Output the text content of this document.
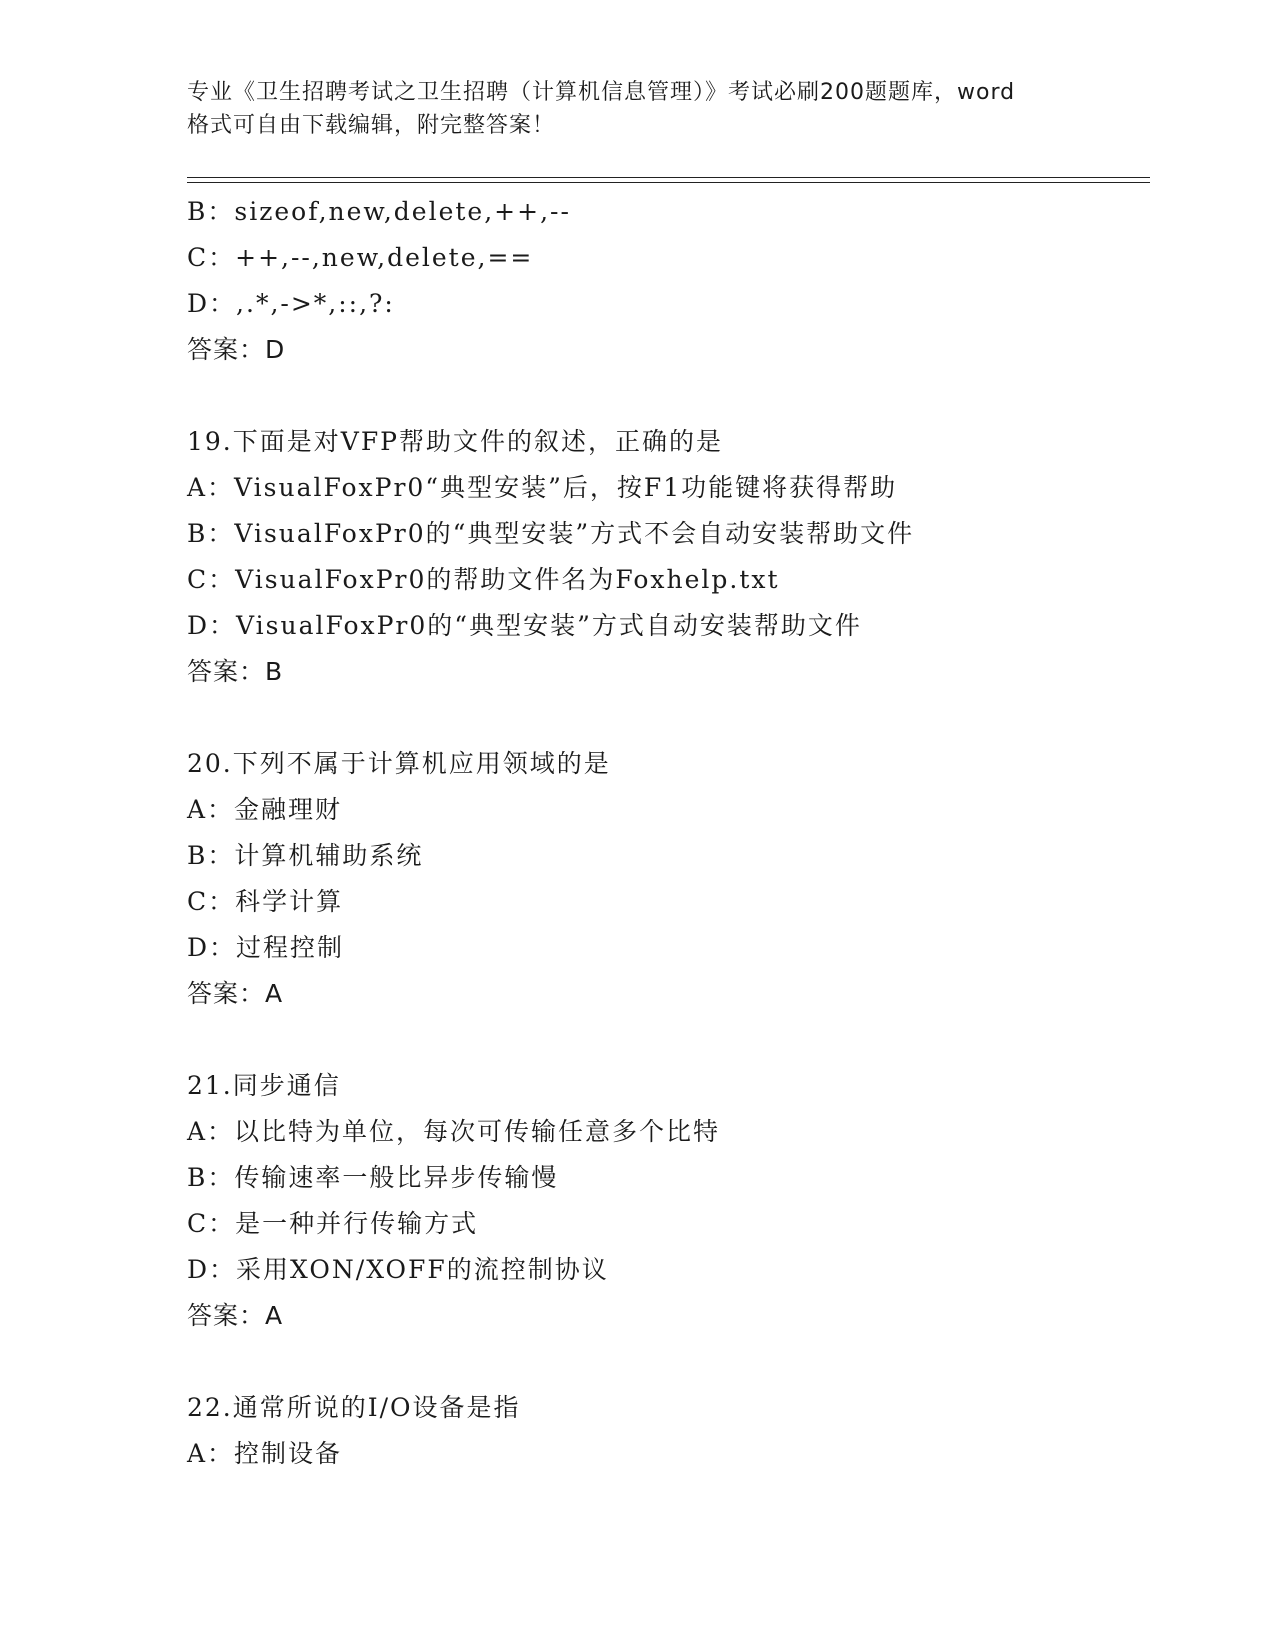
专业《卫生招聘考试之卫生招聘（计算机信息管理）》考试必刷200题题库，word
格式可自由下载编辑，附完整答案！
B：sizeof,new,delete,++,--
C：++,--,new,delete,==
D：,.*,->*,::,?:
答案：D
19.下面是对VFP帮助文件的叙述，正确的是
A：VisualFoxPr0“典型安装”后，按F1功能键将获得帮助
B：VisualFoxPr0的“典型安装”方式不会自动安装帮助文件
C：VisualFoxPr0的帮助文件名为Foxhelp.txt
D：VisualFoxPr0的“典型安装”方式自动安装帮助文件
答案：B
20.下列不属于计算机应用领域的是
A：金融理财
B：计算机辅助系统
C：科学计算
D：过程控制
答案：A
21.同步通信
A：以比特为单位，每次可传输任意多个比特
B：传输速率一般比异步传输慢
C：是一种并行传输方式
D：采用XON/XOFF的流控制协议
答案：A
22.通常所说的I/O设备是指
A：控制设备
